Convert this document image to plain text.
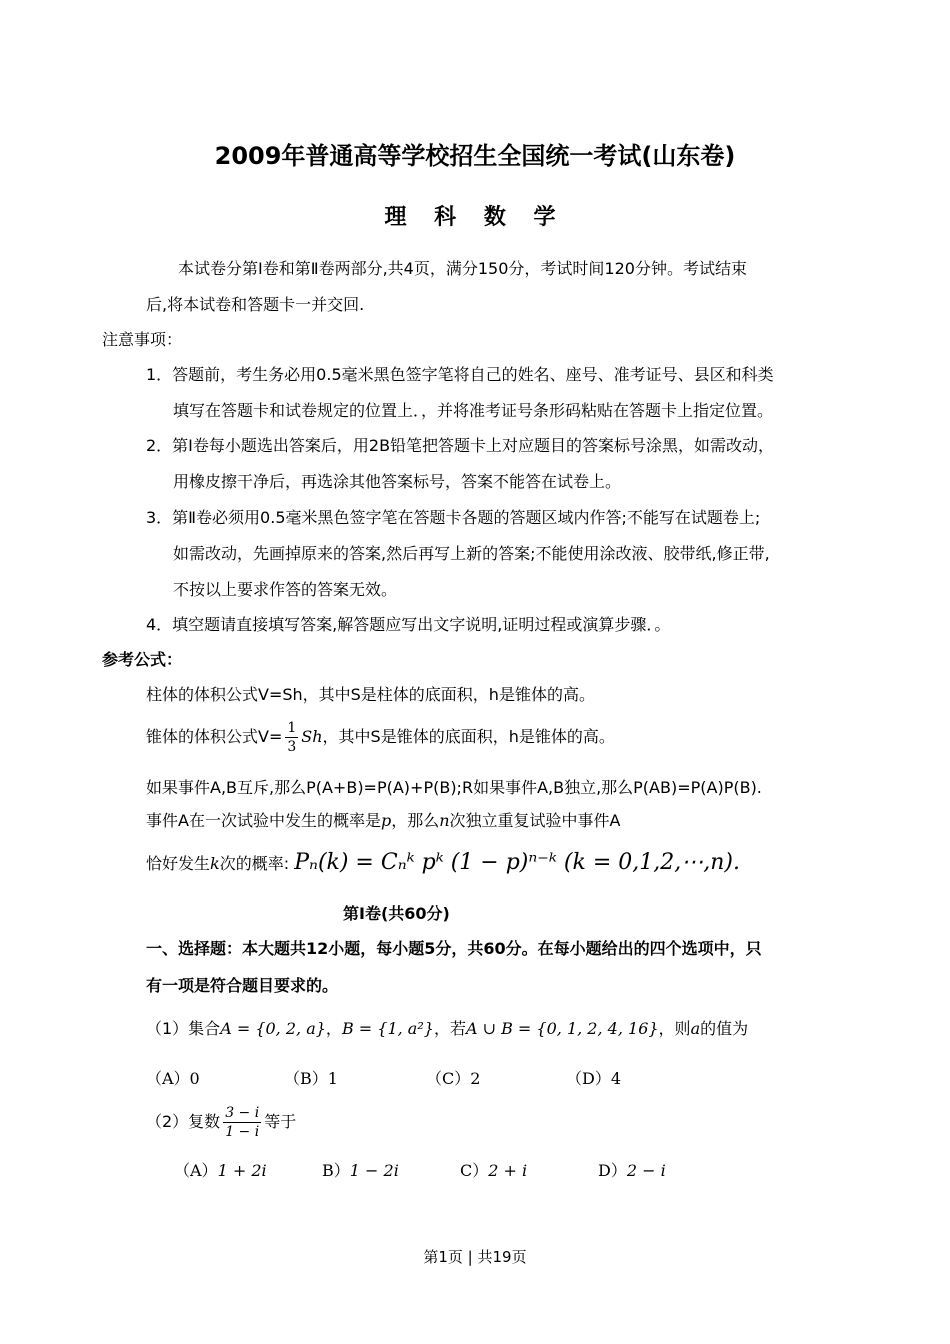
2009年普通高等学校招生全国统一考试(山东卷)
理 科 数 学
本试卷分第Ⅰ卷和第Ⅱ卷两部分,共4页，满分150分，考试时间120分钟。考试结束
后,将本试卷和答题卡一并交回.
注意事项：
1．答题前，考生务必用0.5毫米黑色签字笔将自己的姓名、座号、准考证号、县区和科类
填写在答题卡和试卷规定的位置上．，并将准考证号条形码粘贴在答题卡上指定位置。
2．第Ⅰ卷每小题选出答案后，用2B铅笔把答题卡上对应题目的答案标号涂黑，如需改动，
用橡皮擦干净后，再选涂其他答案标号，答案不能答在试卷上。
3．第Ⅱ卷必须用0.5毫米黑色签字笔在答题卡各题的答题区域内作答;不能写在试题卷上;
如需改动，先画掉原来的答案,然后再写上新的答案;不能使用涂改液、胶带纸,修正带,
不按以上要求作答的答案无效。
4．填空题请直接填写答案,解答题应写出文字说明,证明过程或演算步骤．。
参考公式：
柱体的体积公式V=Sh，其中S是柱体的底面积，h是锥体的高。
锥体的体积公式$V= \frac{1}{3}$ Sh，其中S是锥体的底面积，h是锥体的高。
如果事件A,B互斥,那么P(A+B)=P(A)+P(B);R如果事件A,B独立,那么P(AB)=P(A)P(B).
事件A在一次试验中发生的概率是p，那么n次独立重复试验中事件A
恰好发生k次的概率: Pₙ(k) = Cₙᵏ pᵏ (1 − p)ⁿ⁻ᵏ (k = 0,1,2,⋯,n).
第Ⅰ卷(共60分)
一、选择题：本大题共12小题，每小题5分，共60分。在每小题给出的四个选项中，只
有一项是符合题目要求的。
（1）集合A = {0, 2, a}，B = {1, a²}，若A ∪ B = {0, 1, 2, 4, 16}，则a的值为
（A）0	（B）1	（C）2	（D）4
（2）复数 $\frac{3 - i}{1 - i}$ 等于
（A）1 + 2i	B）1 − 2i	C）2 + i	D）2 − i
第1页 | 共19页
